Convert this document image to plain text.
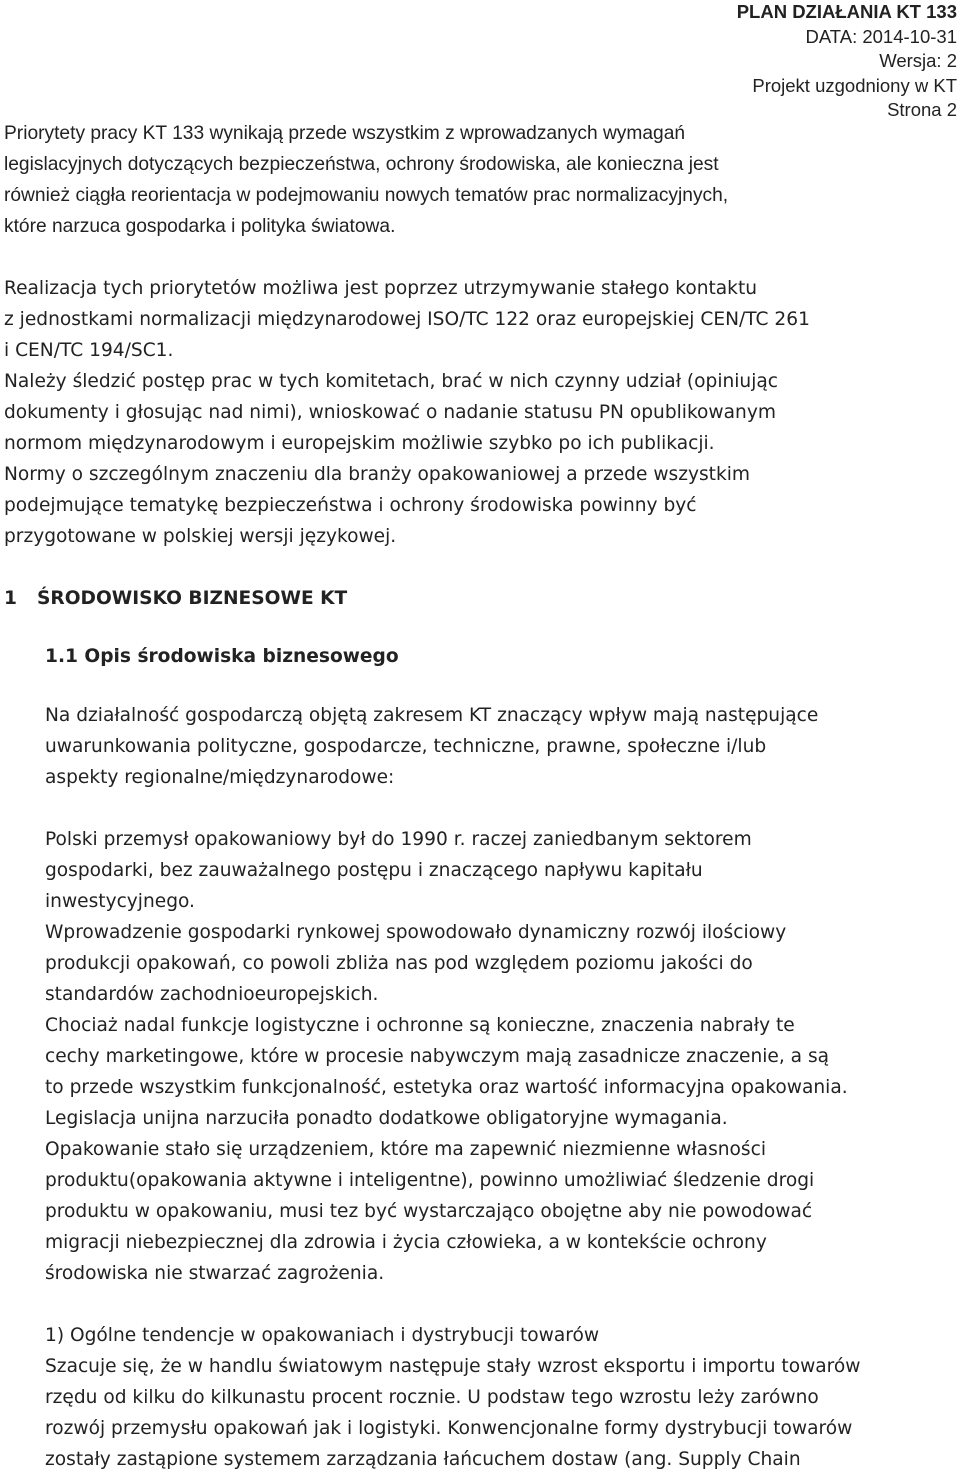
PLAN DZIAŁANIA KT 133
DATA: 2014-10-31
Wersja: 2
Projekt uzgodniony w KT
Strona 2
Priorytety pracy KT 133 wynikają przede wszystkim z wprowadzanych wymagań
legislacyjnych dotyczących bezpieczeństwa, ochrony środowiska, ale konieczna jest
również ciągła reorientacja w podejmowaniu nowych tematów prac normalizacyjnych,
które narzuca gospodarka i polityka światowa.
Realizacja tych priorytetów możliwa jest poprzez utrzymywanie stałego kontaktu
z jednostkami normalizacji międzynarodowej ISO/TC 122 oraz europejskiej CEN/TC 261
i CEN/TC 194/SC1.
Należy śledzić postęp prac w tych komitetach, brać w nich czynny udział (opiniując
dokumenty i głosując nad nimi), wnioskować o nadanie statusu PN opublikowanym
normom międzynarodowym i europejskim możliwie szybko po ich publikacji.
Normy o szczególnym znaczeniu dla branży opakowaniowej a przede wszystkim
podejmujące tematykę bezpieczeństwa i ochrony środowiska powinny być
przygotowane w polskiej wersji językowej.
1 ŚRODOWISKO BIZNESOWE KT
1.1 Opis środowiska biznesowego
Na działalność gospodarczą objętą zakresem KT znaczący wpływ mają następujące
uwarunkowania polityczne, gospodarcze, techniczne, prawne, społeczne i/lub
aspekty regionalne/międzynarodowe:
Polski przemysł opakowaniowy był do 1990 r. raczej zaniedbanym sektorem
gospodarki, bez zauważalnego postępu i znaczącego napływu kapitału
inwestycyjnego.
Wprowadzenie gospodarki rynkowej spowodowało dynamiczny rozwój ilościowy
produkcji opakowań, co powoli zbliża nas pod względem poziomu jakości do
standardów zachodnioeuropejskich.
Chociaż nadal funkcje logistyczne i ochronne są konieczne, znaczenia nabrały te
cechy marketingowe, które w procesie nabywczym mają zasadnicze znaczenie, a są
to przede wszystkim funkcjonalność, estetyka oraz wartość informacyjna opakowania.
Legislacja unijna narzuciła ponadto dodatkowe obligatoryjne wymagania.
Opakowanie stało się urządzeniem, które ma zapewnić niezmienne własności
produktu(opakowania aktywne i inteligentne), powinno umożliwiać śledzenie drogi
produktu w opakowaniu, musi tez być wystarczająco obojętne aby nie powodować
migracji niebezpiecznej dla zdrowia i życia człowieka, a w kontekście ochrony
środowiska nie stwarzać zagrożenia.
1) Ogólne tendencje w opakowaniach i dystrybucji towarów
Szacuje się, że w handlu światowym następuje stały wzrost eksportu i importu towarów
rzędu od kilku do kilkunastu procent rocznie. U podstaw tego wzrostu leży zarówno
rozwój przemysłu opakowań jak i logistyki. Konwencjonalne formy dystrybucji towarów
zostały zastąpione systemem zarządzania łańcuchem dostaw (ang. Supply Chain
